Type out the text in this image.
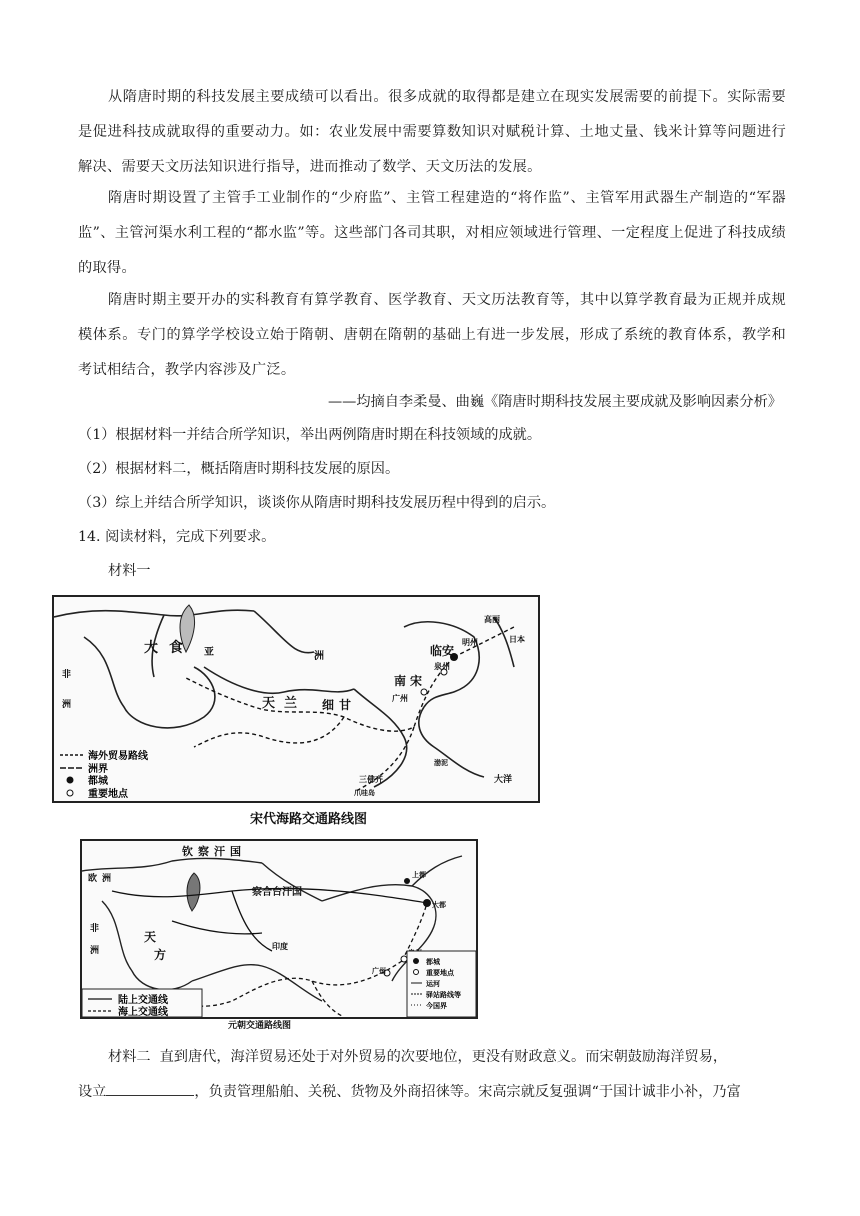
从隋唐时期的科技发展主要成绩可以看出。很多成就的取得都是建立在现实发展需要的前提下。实际需要是促进科技成就取得的重要动力。如：农业发展中需要算数知识对赋税计算、土地丈量、钱米计算等问题进行解决、需要天文历法知识进行指导，进而推动了数学、天文历法的发展。
隋唐时期设置了主管手工业制作的“少府监”、主管工程建造的“将作监”、主管军用武器生产制造的“军器监”、主管河渠水利工程的“都水监”等。这些部门各司其职，对相应领域进行管理、一定程度上促进了科技成绩的取得。
隋唐时期主要开办的实科教育有算学教育、医学教育、天文历法教育等，其中以算学教育最为正规并成规模体系。专门的算学学校设立始于隋朝、唐朝在隋朝的基础上有进一步发展，形成了系统的教育体系，教学和考试相结合，教学内容涉及广泛。
——均摘自李柔曼、曲巍《隋唐时期科技发展主要成就及影响因素分析》
（1）根据材料一并结合所学知识，举出两例隋唐时期在科技领域的成就。
（2）根据材料二，概括隋唐时期科技发展的原因。
（3）综上并结合所学知识，谈谈你从隋唐时期科技发展历程中得到的启示。
14. 阅读材料，完成下列要求。
材料一
大 食 亚	洲
天 兰 细 甘
南 宋
临安
泉州
广州
明州
非
洲
三佛齐	大洋
高丽
日本
爪哇岛
渤泥
海外贸易路线
洲界
都城
重要地点
宋代海路交通路线图
钦 察 汗 国
察合台汗国
大都
上都
天
方
印度
欧 洲
非
洲
广州
陆上交通线
海上交通线
都城
重要地点
运河
驿站路线等
今国界
元朝交通路线图
材料二 直到唐代，海洋贸易还处于对外贸易的次要地位，更没有财政意义。而宋朝鼓励海洋贸易，
设立	，负责管理船舶、关税、货物及外商招徕等。宋高宗就反复强调“于国计诚非小补，乃富
